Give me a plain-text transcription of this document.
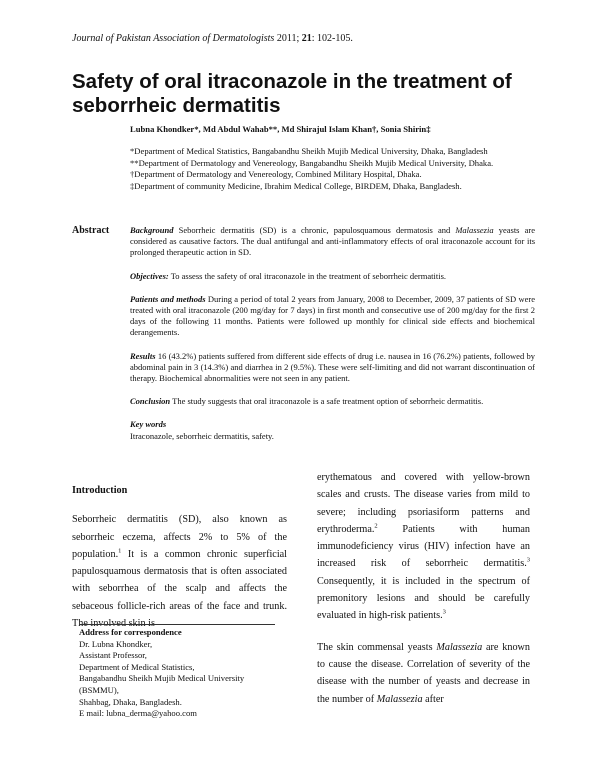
Journal of Pakistan Association of Dermatologists 2011; 21: 102-105.
Safety of oral itraconazole in the treatment of seborrheic dermatitis
Lubna Khondker*, Md Abdul Wahab**, Md Shirajul Islam Khan†, Sonia Shirin‡
*Department of Medical Statistics, Bangabandhu Sheikh Mujib Medical University, Dhaka, Bangladesh
**Department of Dermatology and Venereology, Bangabandhu Sheikh Mujib Medical University, Dhaka.
†Department of Dermatology and Venereology, Combined Military Hospital, Dhaka.
‡Department of community Medicine, Ibrahim Medical College, BIRDEM, Dhaka, Bangladesh.
Abstract Background Seborrheic dermatitis (SD) is a chronic, papulosquamous dermatosis and Malassezia yeasts are considered as causative factors. The dual antifungal and anti-inflammatory effects of oral itraconazole account for its prolonged therapeutic action in SD.

Objectives: To assess the safety of oral itraconazole in the treatment of seborrheic dermatitis.

Patients and methods During a period of total 2 years from January, 2008 to December, 2009, 37 patients of SD were treated with oral itraconazole (200 mg/day for 7 days) in first month and consecutive use of 200 mg/day for the first 2 days of the following 11 months. Patients were followed up monthly for clinical side effects and biochemical derangements.

Results 16 (43.2%) patients suffered from different side effects of drug i.e. nausea in 16 (76.2%) patients, followed by abdominal pain in 3 (14.3%) and diarrhea in 2 (9.5%). These were self-limiting and did not warrant discontinuation of therapy. Biochemical abnormalities were not seen in any patient.

Conclusion The study suggests that oral itraconazole is a safe treatment option of seborrheic dermatitis.

Key words
Itraconazole, seborrheic dermatitis, safety.

Introduction

Seborrheic dermatitis (SD), also known as seborrheic eczema, affects 2% to 5% of the population.$^1$ It is a common chronic superficial papulosquamous dermatosis that is often associated with seborrhea of the scalp and affects the sebaceous follicle-rich areas of the face and trunk. The involved skin is

erythematous and covered with yellow-brown scales and crusts. The disease varies from mild to severe; including psoriasiform patterns and erythroderma.$^2$ Patients with human immunodeficiency virus (HIV) infection have an increased risk of seborrheic dermatitis.$^3$ Consequently, it is included in the spectrum of premonitory lesions and should be carefully evaluated in high-risk patients.$^3$

The skin commensal yeasts Malassezia are known to cause the disease. Correlation of severity of the disease with the number of yeasts and decrease in the number of Malassezia after

Address for correspondence
Dr. Lubna Khondker,
Assistant Professor,
Department of Medical Statistics,
Bangabandhu Sheikh Mujib Medical University
(BSMMU),
Shahbag, Dhaka, Bangladesh.
E mail: lubna_derma@yahoo.com
